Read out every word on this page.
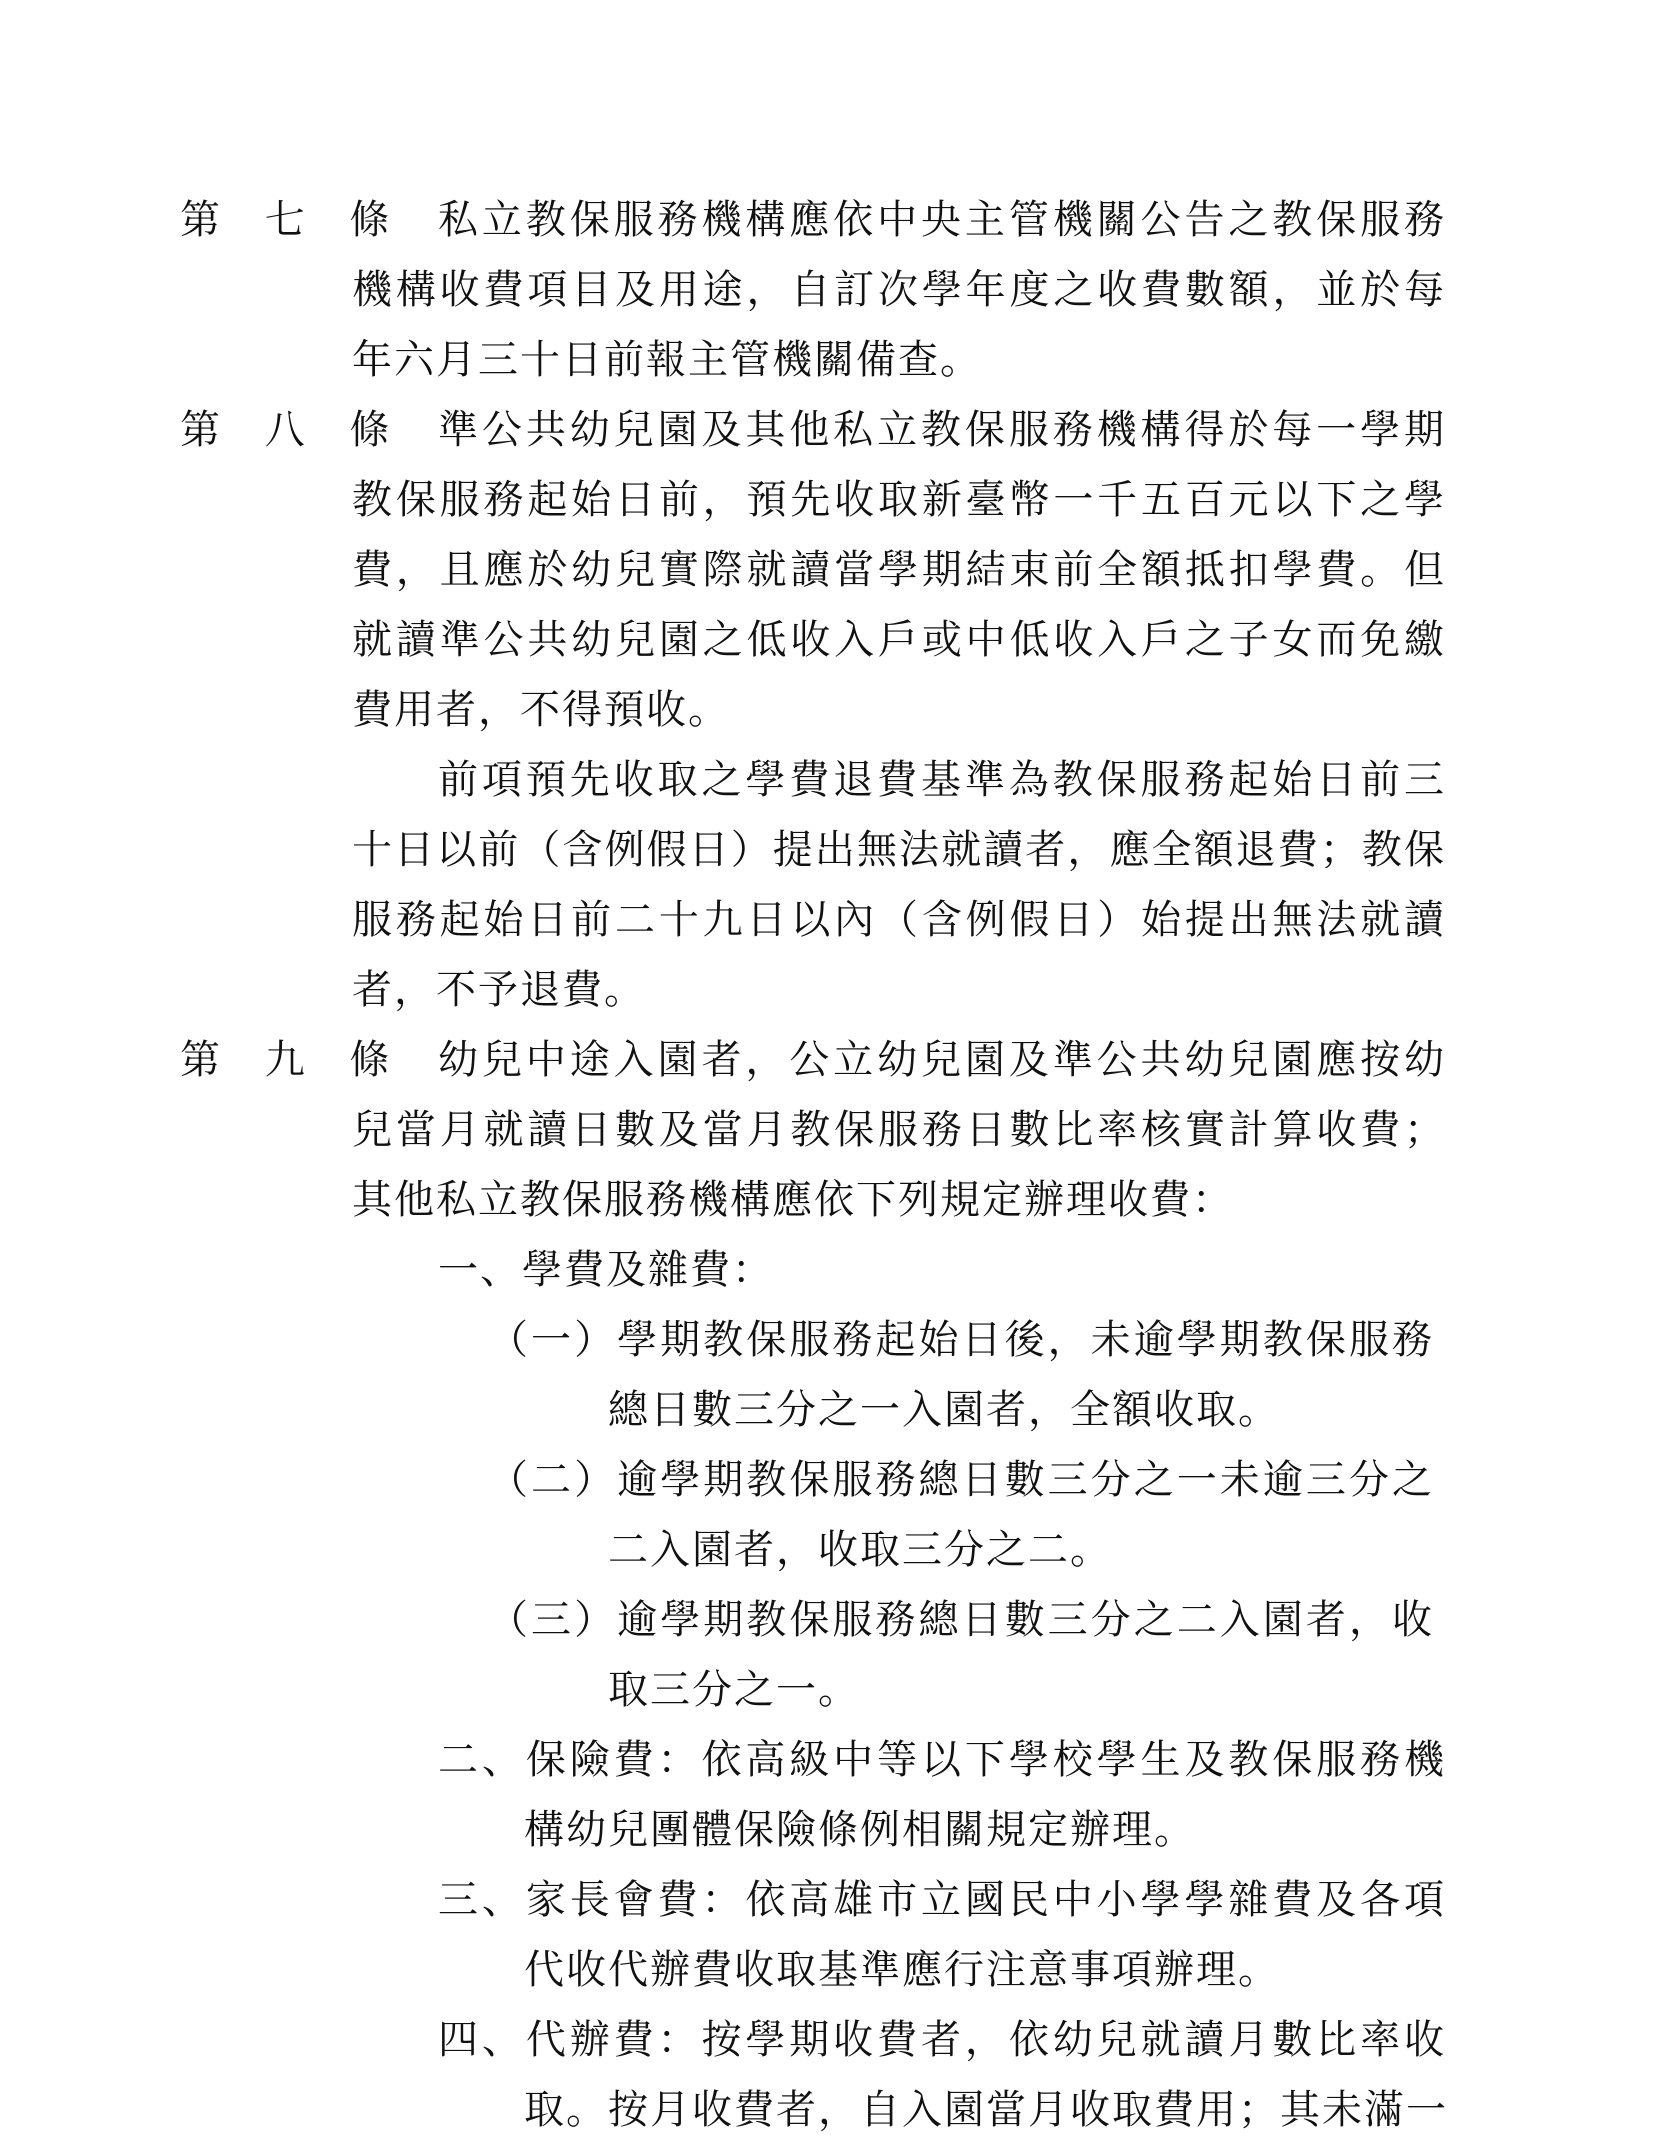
第 七 條 私立教保服務機構應依中央主管機關公告之教保服務
機構收費項目及用途，自訂次學年度之收費數額，並於每
年六月三十日前報主管機關備查。
第 八 條 準公共幼兒園及其他私立教保服務機構得於每一學期
教保服務起始日前，預先收取新臺幣一千五百元以下之學
費，且應於幼兒實際就讀當學期結束前全額抵扣學費。但
就讀準公共幼兒園之低收入戶或中低收入戶之子女而免繳
費用者，不得預收。
前項預先收取之學費退費基準為教保服務起始日前三
十日以前（含例假日）提出無法就讀者，應全額退費；教保
服務起始日前二十九日以內（含例假日）始提出無法就讀
者，不予退費。
第 九 條 幼兒中途入園者，公立幼兒園及準公共幼兒園應按幼
兒當月就讀日數及當月教保服務日數比率核實計算收費；
其他私立教保服務機構應依下列規定辦理收費：
一、學費及雜費：
（一）學期教保服務起始日後，未逾學期教保服務
總日數三分之一入園者，全額收取。
（二）逾學期教保服務總日數三分之一未逾三分之
二入園者，收取三分之二。
（三）逾學期教保服務總日數三分之二入園者，收
取三分之一。
二、保險費：依高級中等以下學校學生及教保服務機
構幼兒團體保險條例相關規定辦理。
三、家長會費：依高雄市立國民中小學學雜費及各項
代收代辦費收取基準應行注意事項辦理。
四、代辦費：按學期收費者，依幼兒就讀月數比率收
取。按月收費者，自入園當月收取費用；其未滿一
